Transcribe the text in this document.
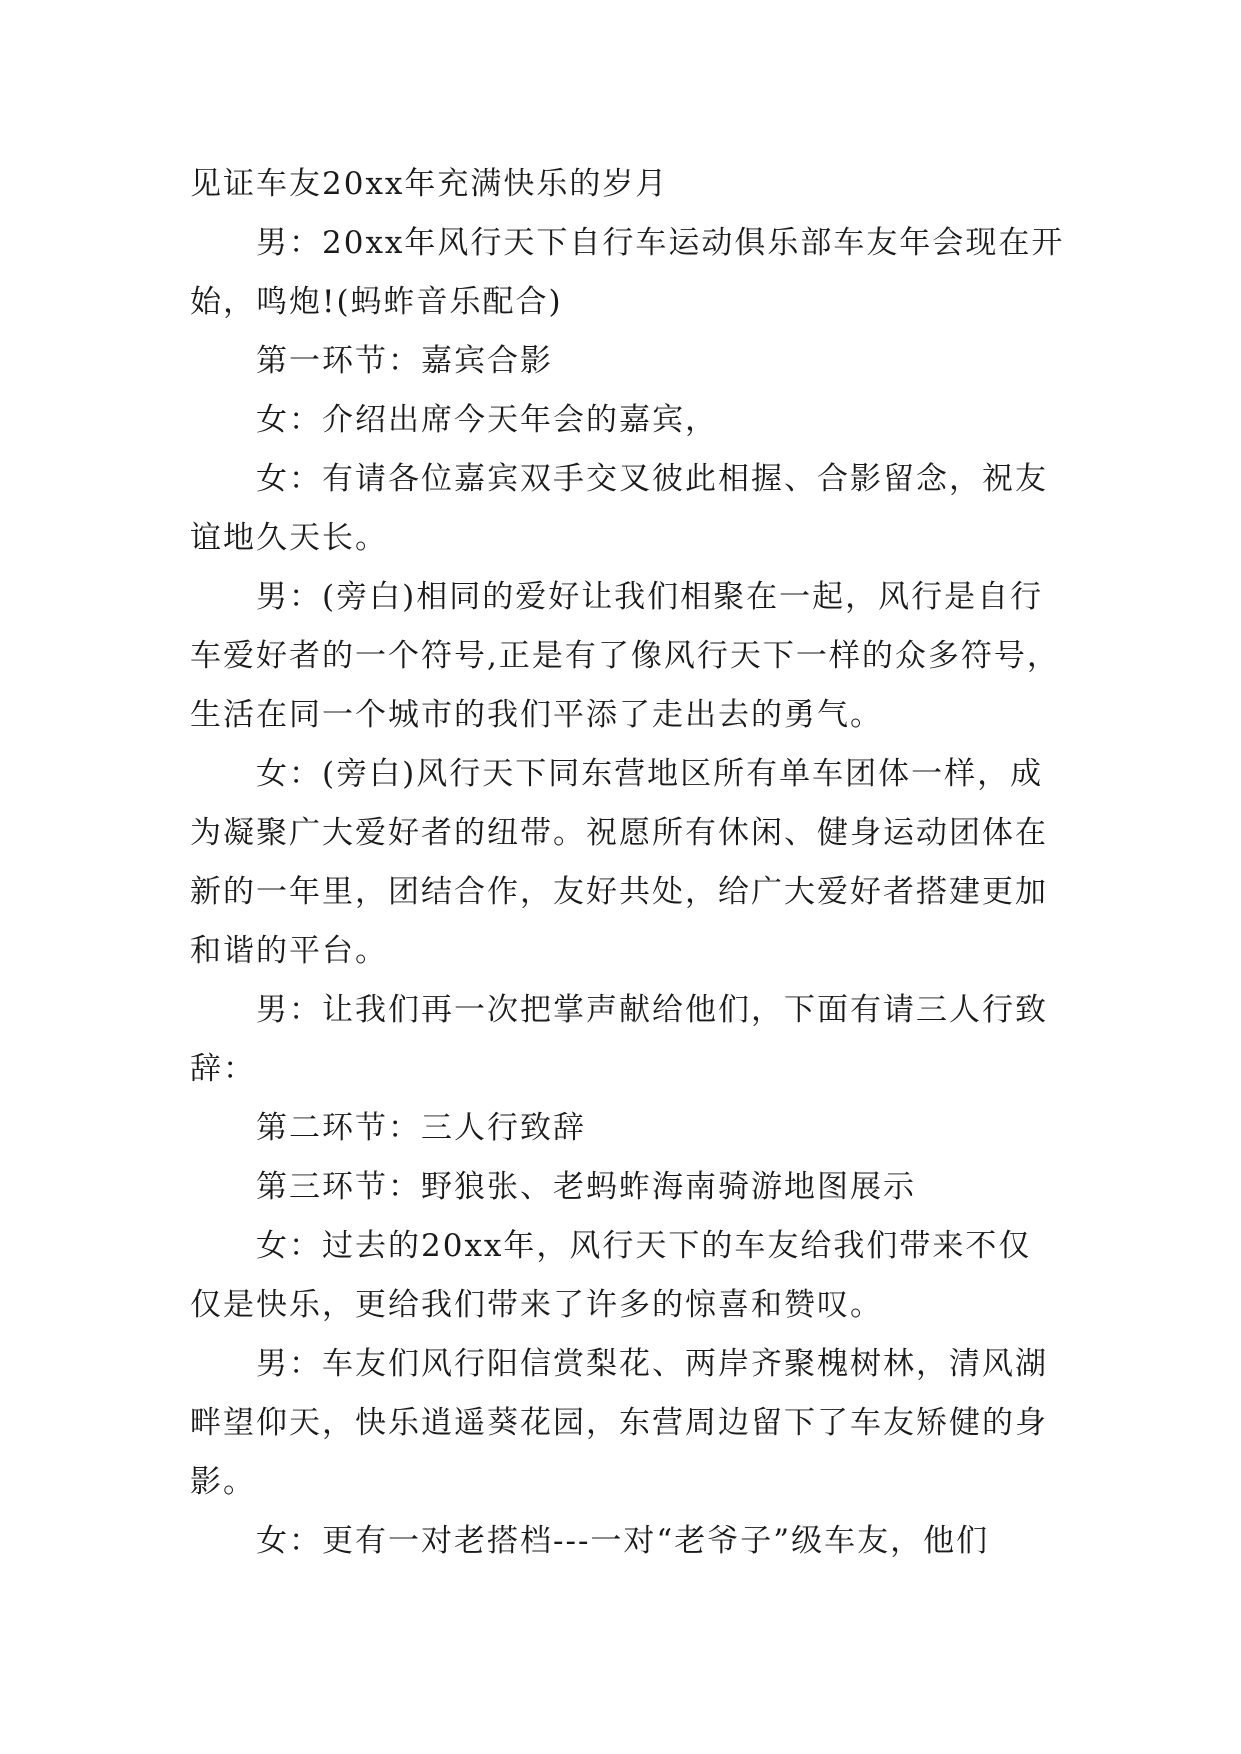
见证车友20xx年充满快乐的岁月
男：20xx年风行天下自行车运动俱乐部车友年会现在开
始，鸣炮!(蚂蚱音乐配合)
第一环节：嘉宾合影
女：介绍出席今天年会的嘉宾，
女：有请各位嘉宾双手交叉彼此相握、合影留念，祝友
谊地久天长。
男：(旁白)相同的爱好让我们相聚在一起，风行是自行
车爱好者的一个符号,正是有了像风行天下一样的众多符号，
生活在同一个城市的我们平添了走出去的勇气。
女：(旁白)风行天下同东营地区所有单车团体一样，成
为凝聚广大爱好者的纽带。祝愿所有休闲、健身运动团体在
新的一年里，团结合作，友好共处，给广大爱好者搭建更加
和谐的平台。
男：让我们再一次把掌声献给他们，下面有请三人行致
辞：
第二环节：三人行致辞
第三环节：野狼张、老蚂蚱海南骑游地图展示
女：过去的20xx年，风行天下的车友给我们带来不仅
仅是快乐，更给我们带来了许多的惊喜和赞叹。
男：车友们风行阳信赏梨花、两岸齐聚槐树林，清风湖
畔望仰天，快乐逍遥葵花园，东营周边留下了车友矫健的身
影。
女：更有一对老搭档---一对“老爷子”级车友，他们
